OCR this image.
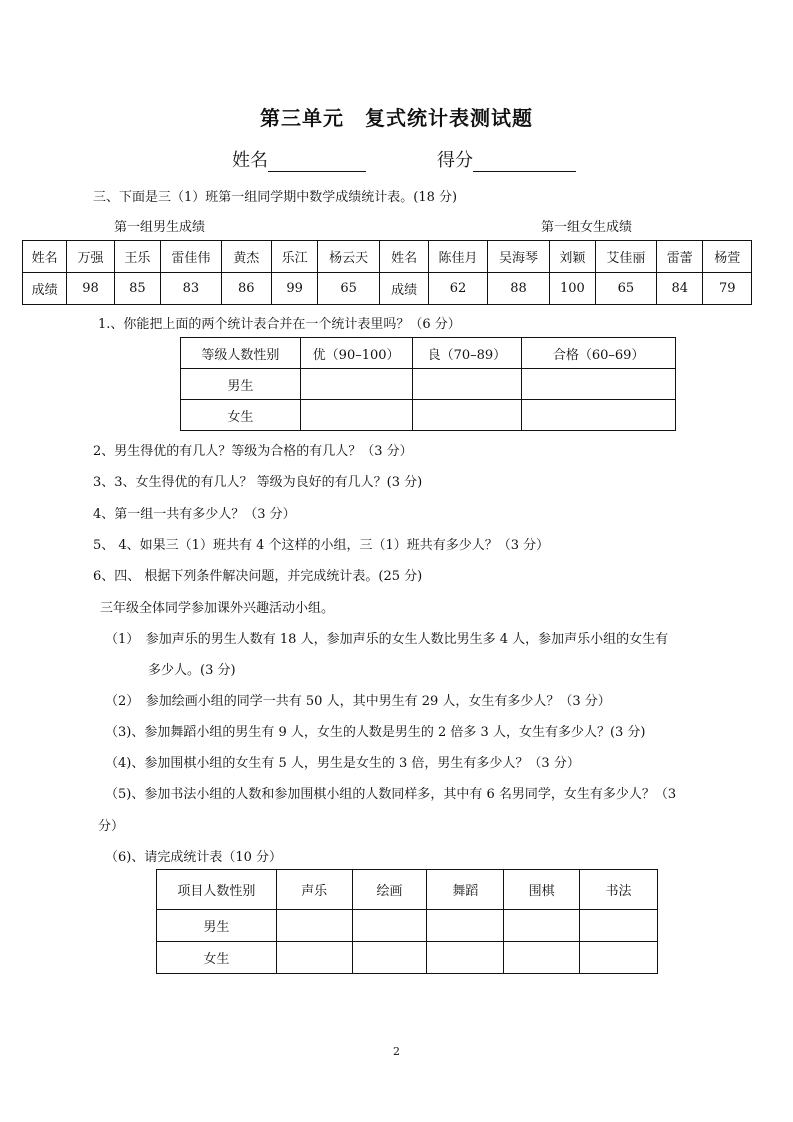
第三单元　复式统计表测试题
姓名	得分
三、下面是三（1）班第一组同学期中数学成绩统计表。(18 分)
第一组男生成绩	第一组女生成绩
姓名	万强	王乐	雷佳伟	黄杰	乐江	杨云天	姓名	陈佳月	吴海琴	刘颖	艾佳丽	雷蕾	杨萱
成绩	98	85	83	86	99	65	成绩	62	88	100	65	84	79
1.、你能把上面的两个统计表合并在一个统计表里吗？（6 分）
等级人数性别	优（90–100）	良（70–89）	合格（60–69）
男生			
女生			
2、男生得优的有几人？等级为合格的有几人？（3 分）
3、3、女生得优的有几人？ 等级为良好的有几人？(3 分)
4、第一组一共有多少人？（3 分）
5、 4、如果三（1）班共有 4 个这样的小组，三（1）班共有多少人？（3 分）
6、四、 根据下列条件解决问题，并完成统计表。(25 分)
三年级全体同学参加课外兴趣活动小组。
（1）　参加声乐的男生人数有 18 人，参加声乐的女生人数比男生多 4 人，参加声乐小组的女生有
多少人。(3 分)
（2）　参加绘画小组的同学一共有 50 人，其中男生有 29 人，女生有多少人？（3 分）
（3)、参加舞蹈小组的男生有 9 人，女生的人数是男生的 2 倍多 3 人，女生有多少人？(3 分)
（4)、参加围棋小组的女生有 5 人，男生是女生的 3 倍，男生有多少人？（3 分）
（5)、参加书法小组的人数和参加围棋小组的人数同样多，其中有 6 名男同学，女生有多少人？（3
分）
（6)、请完成统计表（10 分）
项目人数性别	声乐	绘画	舞蹈	围棋	书法
男生					
女生					
2
